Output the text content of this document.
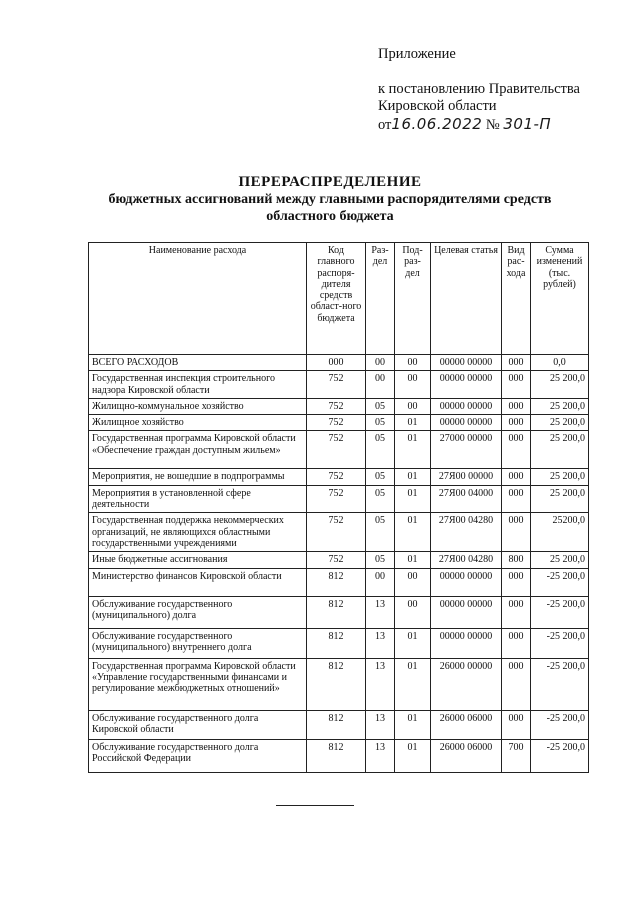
Приложение
к постановлению Правительства
Кировской области
от16.06.2022 № 301-П
ПЕРЕРАСПРЕДЕЛЕНИЕ
бюджетных ассигнований между главными распорядителями средств
областного бюджета
Наименование расхода	Код главного распоря-дителя средств област-ного бюджета	Раз-дел	Под-раз-дел	Целевая статья	Вид рас-хода	Сумма изменений (тыс. рублей)
ВСЕГО РАСХОДОВ	000	00	00	00000 00000	000	0,0
Государственная инспекция строительного надзора Кировской области	752	00	00	00000 00000	000	25 200,0
Жилищно-коммунальное хозяйство	752	05	00	00000 00000	000	25 200,0
Жилищное хозяйство	752	05	01	00000 00000	000	25 200,0
Государственная программа Кировской области «Обеспечение граждан доступным жильем»	752	05	01	27000 00000	000	25 200,0
Мероприятия, не вошедшие в подпрограммы	752	05	01	27Я00 00000	000	25 200,0
Мероприятия в установленной сфере деятельности	752	05	01	27Я00 04000	000	25 200,0
Государственная поддержка некоммерческих организаций, не являющихся областными государственными учреждениями	752	05	01	27Я00 04280	000	25200,0
Иные бюджетные ассигнования	752	05	01	27Я00 04280	800	25 200,0
Министерство финансов Кировской области	812	00	00	00000 00000	000	-25 200,0
Обслуживание государственного (муниципального) долга	812	13	00	00000 00000	000	-25 200,0
Обслуживание государственного (муниципального) внутреннего долга	812	13	01	00000 00000	000	-25 200,0
Государственная программа Кировской области «Управление государственными финансами и регулирование межбюджетных отношений»	812	13	01	26000 00000	000	-25 200,0
Обслуживание государственного долга Кировской области	812	13	01	26000 06000	000	-25 200,0
Обслуживание государственного долга Российской Федерации	812	13	01	26000 06000	700	-25 200,0
